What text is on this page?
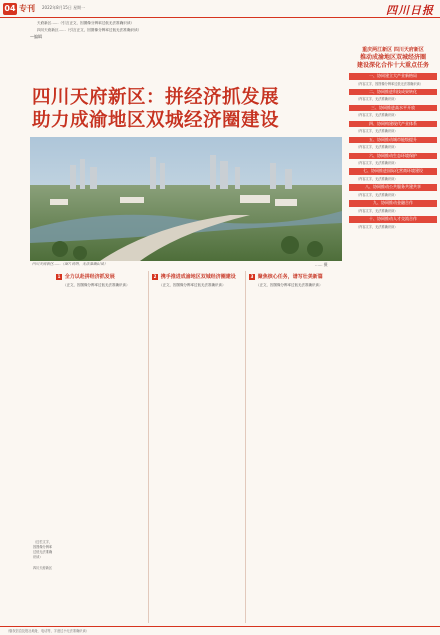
04 专刊 2022年8月15日 星期一	四川日报

天府新区……（引言正文，因图像分辨率过低无法准确识读）

四川天府新区……（引言正文，因图像分辨率过低无法准确识读）

—编辑

四川天府新区：拼经济抓发展
助力成渝地区双城经济圈建设
四川天府新区……（图片说明，无法准确识读）	…… 摄
1 全力以赴拼经济抓发展	2 携手推进成渝地区双城经济圈建设	3 聚焦核心任务，谱写壮美新篇

（正文，因图像分辨率过低无法准确识读）	（正文，因图像分辨率过低无法准确识读）	（正文，因图像分辨率过低无法准确识读）

（边栏文字，因图像分辨率过低无法准确识读）
四川天府新区
重庆两江新区 四川天府新区
推动成渝地区双城经济圈
建设深化合作十大重点任务
一、协同建立大产业新格局

（内容文字，因图像分辨率过低无法准确识读）

二、协同推进科技成果转化

（内容文字，无法准确识读）

三、协同推进高水平开放

（内容文字，无法准确识读）

四、协同构建现代产业体系

（内容文字，无法准确识读）

五、协同推动城市能级提升

（内容文字，无法准确识读）

六、协同推动生态环境保护

（内容文字，无法准确识读）

七、协同推进国际化营商环境建设

（内容文字，无法准确识读）

八、协同推动公共服务共建共享

（内容文字，无法准确识读）

九、协同推动金融合作

（内容文字，无法准确识读）

十、协同推动人才交流合作

（内容文字，无法准确识读）

（版权信息及报社地址、电话等，字迹过小无法准确识读）
